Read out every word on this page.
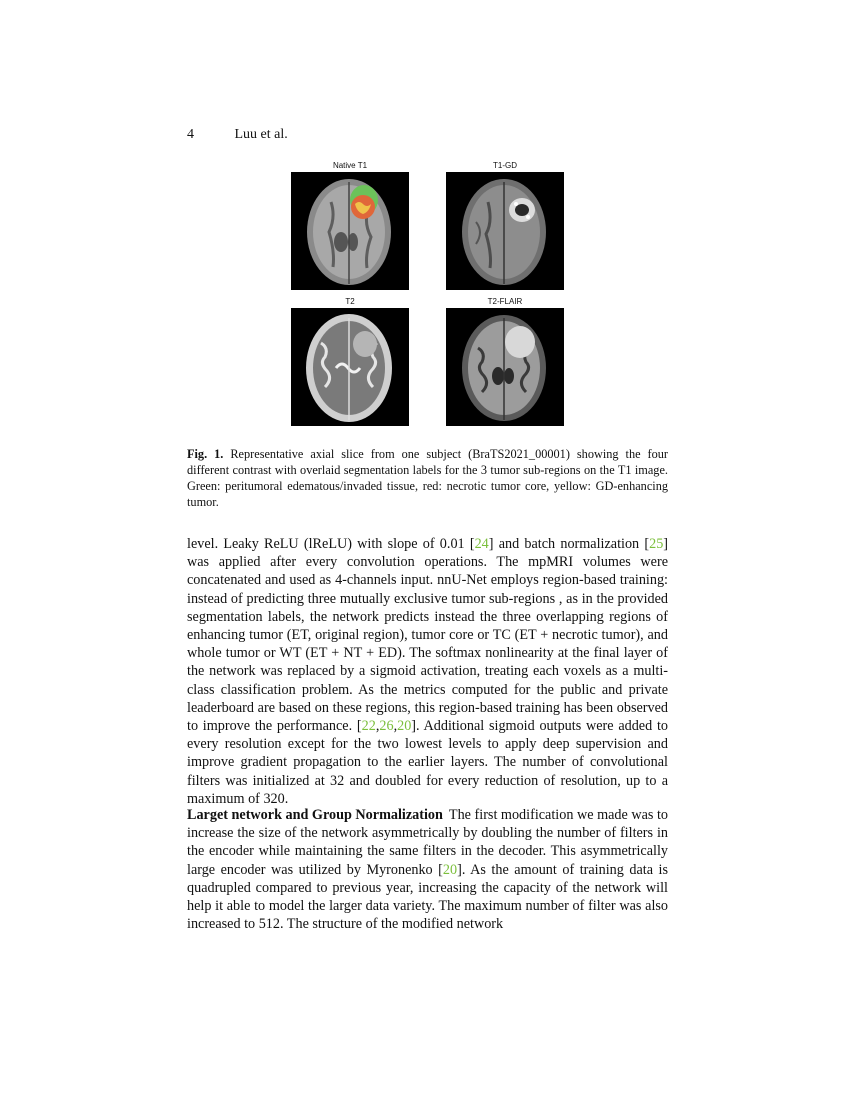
4	Luu et al.
Native T1	T1-GD
T2	T2-FLAIR
Fig. 1. Representative axial slice from one subject (BraTS2021_00001) showing the four different contrast with overlaid segmentation labels for the 3 tumor sub-regions on the T1 image. Green: peritumoral edematous/invaded tissue, red: necrotic tumor core, yellow: GD-enhancing tumor.
level. Leaky ReLU (lReLU) with slope of 0.01 [24] and batch normalization [25] was applied after every convolution operations. The mpMRI volumes were concatenated and used as 4-channels input. nnU-Net employs region-based training: instead of predicting three mutually exclusive tumor sub-regions , as in the provided segmentation labels, the network predicts instead the three overlapping regions of enhancing tumor (ET, original region), tumor core or TC (ET + necrotic tumor), and whole tumor or WT (ET + NT + ED). The softmax nonlinearity at the final layer of the network was replaced by a sigmoid activation, treating each voxels as a multi-class classification problem. As the metrics computed for the public and private leaderboard are based on these regions, this region-based training has been observed to improve the performance. [22,26,20]. Additional sigmoid outputs were added to every resolution except for the two lowest levels to apply deep supervision and improve gradient propagation to the earlier layers. The number of convolutional filters was initialized at 32 and doubled for every reduction of resolution, up to a maximum of 320.
Larget network and Group Normalization The first modification we made was to increase the size of the network asymmetrically by doubling the number of filters in the encoder while maintaining the same filters in the decoder. This asymmetrically large encoder was utilized by Myronenko [20]. As the amount of training data is quadrupled compared to previous year, increasing the capacity of the network will help it able to model the larger data variety. The maximum number of filter was also increased to 512. The structure of the modified network
